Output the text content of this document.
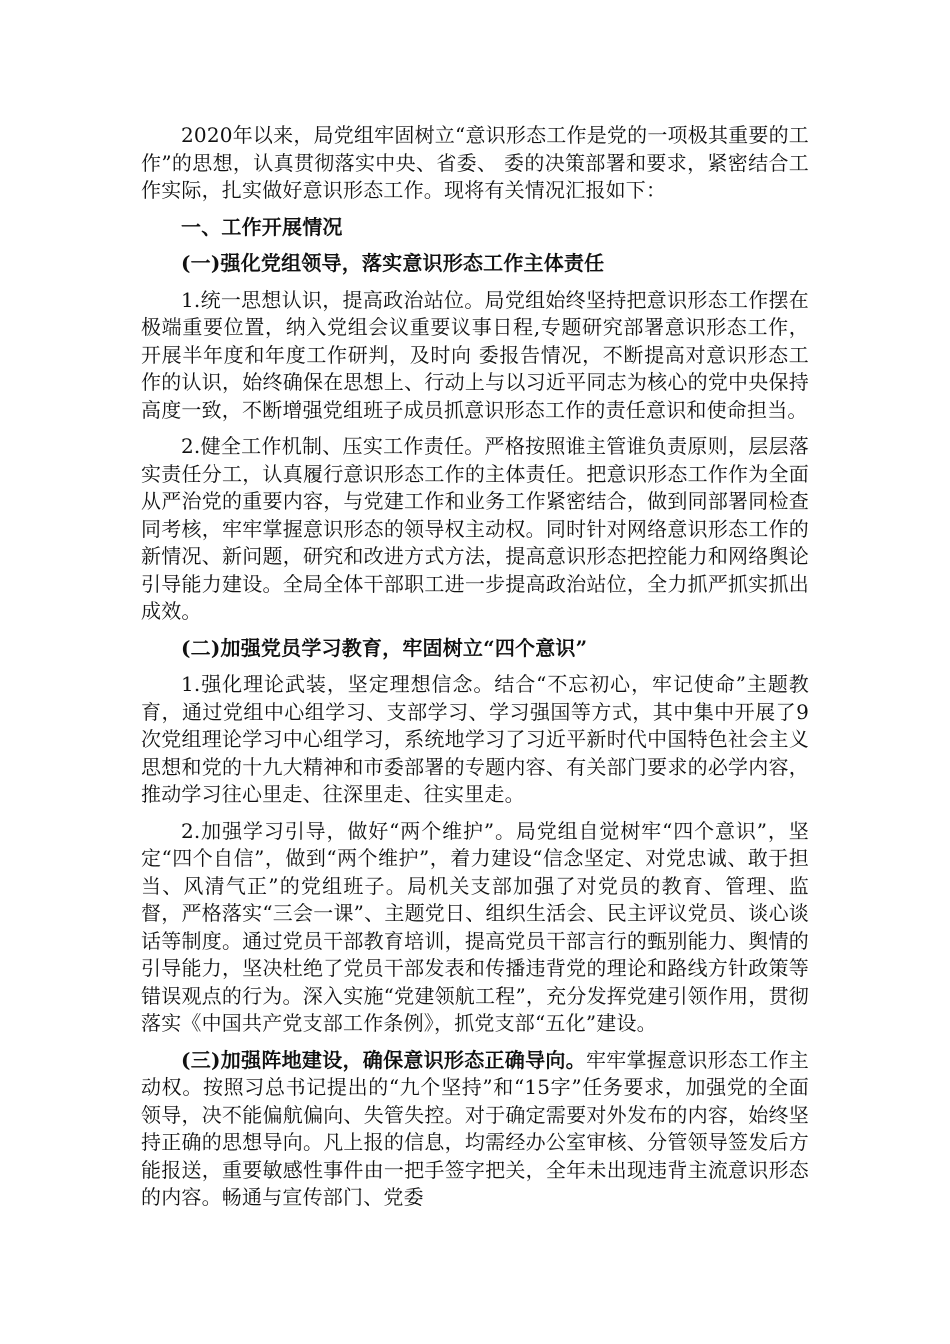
2020年以来，局党组牢固树立“意识形态工作是党的一项极其重要的工作”的思想，认真贯彻落实中央、省委、 委的决策部署和要求，紧密结合工作实际，扎实做好意识形态工作。现将有关情况汇报如下：

一、工作开展情况

(一)强化党组领导，落实意识形态工作主体责任

1.统一思想认识，提高政治站位。局党组始终坚持把意识形态工作摆在极端重要位置，纳入党组会议重要议事日程,专题研究部署意识形态工作，开展半年度和年度工作研判，及时向 委报告情况，不断提高对意识形态工作的认识，始终确保在思想上、行动上与以习近平同志为核心的党中央保持高度一致，不断增强党组班子成员抓意识形态工作的责任意识和使命担当。

2.健全工作机制、压实工作责任。严格按照谁主管谁负责原则，层层落实责任分工，认真履行意识形态工作的主体责任。把意识形态工作作为全面从严治党的重要内容，与党建工作和业务工作紧密结合，做到同部署同检查同考核，牢牢掌握意识形态的领导权主动权。同时针对网络意识形态工作的新情况、新问题，研究和改进方式方法，提高意识形态把控能力和网络舆论引导能力建设。全局全体干部职工进一步提高政治站位，全力抓严抓实抓出成效。

(二)加强党员学习教育，牢固树立“四个意识”

1.强化理论武装，坚定理想信念。结合“不忘初心，牢记使命”主题教育，通过党组中心组学习、支部学习、学习强国等方式，其中集中开展了9次党组理论学习中心组学习，系统地学习了习近平新时代中国特色社会主义思想和党的十九大精神和市委部署的专题内容、有关部门要求的必学内容，推动学习往心里走、往深里走、往实里走。

2.加强学习引导，做好“两个维护”。局党组自觉树牢“四个意识”，坚定“四个自信”，做到“两个维护”，着力建设“信念坚定、对党忠诚、敢于担当、风清气正”的党组班子。局机关支部加强了对党员的教育、管理、监督，严格落实“三会一课”、主题党日、组织生活会、民主评议党员、谈心谈话等制度。通过党员干部教育培训，提高党员干部言行的甄别能力、舆情的引导能力，坚决杜绝了党员干部发表和传播违背党的理论和路线方针政策等错误观点的行为。深入实施“党建领航工程”，充分发挥党建引领作用，贯彻落实《中国共产党支部工作条例》，抓党支部“五化”建设。

(三)加强阵地建设，确保意识形态正确导向。牢牢掌握意识形态工作主动权。按照习总书记提出的“九个坚持”和“15字”任务要求，加强党的全面领导，决不能偏航偏向、失管失控。对于确定需要对外发布的内容，始终坚持正确的思想导向。凡上报的信息，均需经办公室审核、分管领导签发后方能报送，重要敏感性事件由一把手签字把关，全年未出现违背主流意识形态的内容。畅通与宣传部门、党委
